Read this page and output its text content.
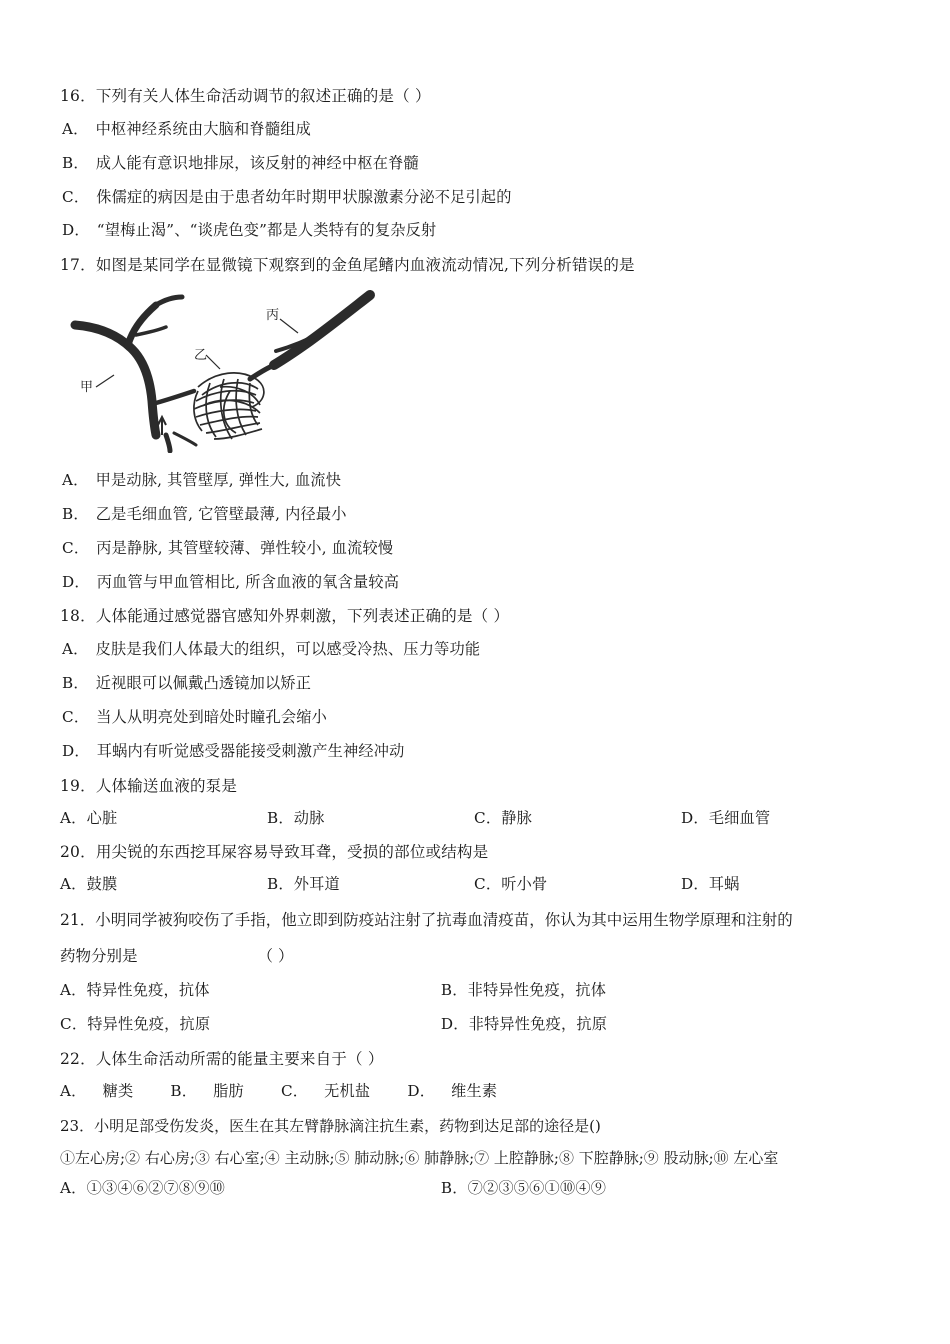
16．下列有关人体生命活动调节的叙述正确的是（ ）

A． 中枢神经系统由大脑和脊髓组成

B． 成人能有意识地排尿，该反射的神经中枢在脊髓

C． 侏儒症的病因是由于患者幼年时期甲状腺激素分泌不足引起的

D． “望梅止渴”、“谈虎色变”都是人类特有的复杂反射

17．如图是某同学在显微镜下观察到的金鱼尾鳍内血液流动情况,下列分析错误的是

甲
乙
丙

A． 甲是动脉, 其管壁厚, 弹性大, 血流快

B． 乙是毛细血管, 它管壁最薄, 内径最小

C． 丙是静脉, 其管壁较薄、弹性较小, 血流较慢

D． 丙血管与甲血管相比, 所含血液的氧含量较高

18．人体能通过感觉器官感知外界刺激，下列表述正确的是（ ）

A． 皮肤是我们人体最大的组织，可以感受冷热、压力等功能

B． 近视眼可以佩戴凸透镜加以矫正

C． 当人从明亮处到暗处时瞳孔会缩小

D． 耳蜗内有听觉感受器能接受刺激产生神经冲动

19．人体输送血液的泵是

A．心脏	B．动脉	C．静脉	D．毛细血管

20．用尖锐的东西挖耳屎容易导致耳聋，受损的部位或结构是

A．鼓膜	B．外耳道	C．听小骨	D．耳蜗

21．小明同学被狗咬伤了手指，他立即到防疫站注射了抗毒血清疫苗，你认为其中运用生物学原理和注射的

药物分别是	（ ）

A．特异性免疫，抗体	B．非特异性免疫，抗体
C．特异性免疫，抗原	D．非特异性免疫，抗原

22．人体生命活动所需的能量主要来自于（ ）

A． 糖类 B． 脂肪 C． 无机盐 D． 维生素

23．小明足部受伤发炎，医生在其左臂静脉滴注抗生素，药物到达足部的途径是()

①左心房;② 右心房;③ 右心室;④ 主动脉;⑤ 肺动脉;⑥ 肺静脉;⑦ 上腔静脉;⑧ 下腔静脉;⑨ 股动脉;⑩ 左心室

A．①③④⑥②⑦⑧⑨⑩	B．⑦②③⑤⑥①⑩④⑨
